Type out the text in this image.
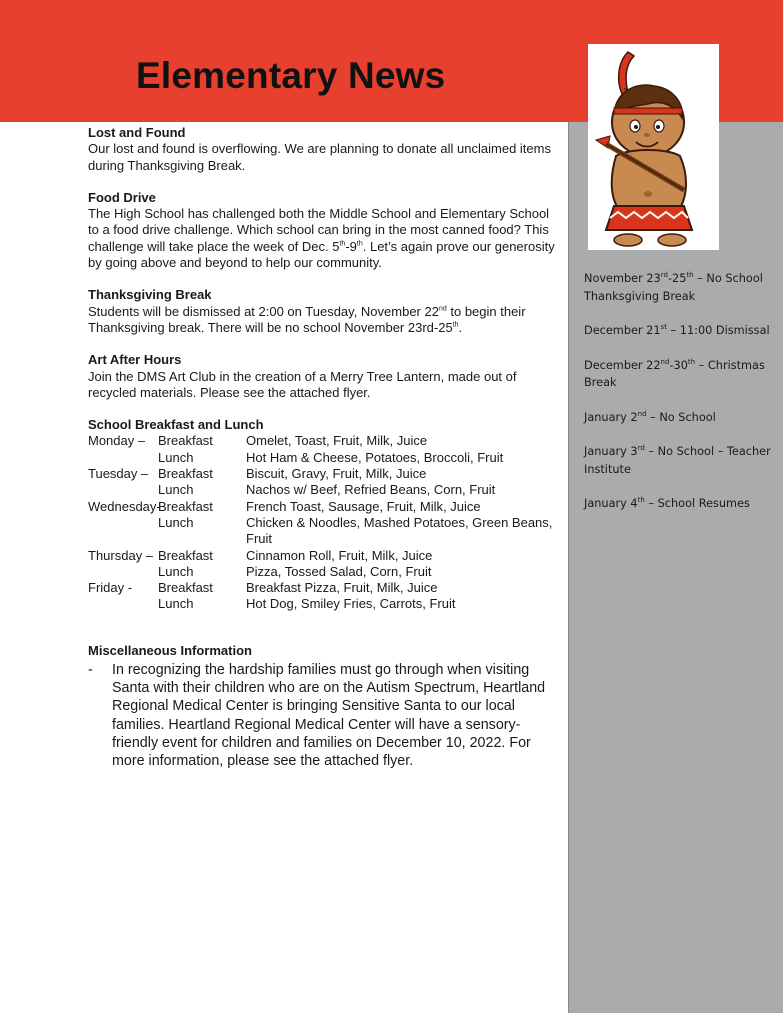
Elementary News
November 23rd-25th – No School Thanksgiving Break
December 21st – 11:00 Dismissal
December 22nd-30th – Christmas Break
January 2nd – No School
January 3rd – No School – Teacher Institute
January 4th – School Resumes
Lost and Found
Our lost and found is overflowing. We are planning to donate all unclaimed items during Thanksgiving Break.
Food Drive
The High School has challenged both the Middle School and Elementary School to a food drive challenge. Which school can bring in the most canned food? This challenge will take place the week of Dec. 5th-9th. Let’s again prove our generosity by going above and beyond to help our community.
Thanksgiving Break
Students will be dismissed at 2:00 on Tuesday, November 22nd to begin their Thanksgiving break. There will be no school November 23rd-25th.
Art After Hours
Join the DMS Art Club in the creation of a Merry Tree Lantern, made out of recycled materials. Please see the attached flyer.
School Breakfast and Lunch
Monday – Breakfast	Omelet, Toast, Fruit, Milk, Juice
Lunch	Hot Ham & Cheese, Potatoes, Broccoli, Fruit
Tuesday – Breakfast	Biscuit, Gravy, Fruit, Milk, Juice
Lunch	Nachos w/ Beef, Refried Beans, Corn, Fruit
Wednesday-
Breakfast	French Toast, Sausage, Fruit, Milk, Juice
Lunch	Chicken & Noodles, Mashed Potatoes, Green Beans, Fruit
Thursday – Breakfast	Cinnamon Roll, Fruit, Milk, Juice
Lunch	Pizza, Tossed Salad, Corn, Fruit
Friday -	Breakfast	Breakfast Pizza, Fruit, Milk, Juice
Lunch	Hot Dog, Smiley Fries, Carrots, Fruit
Miscellaneous Information
-	In recognizing the hardship families must go through when visiting Santa with their children who are on the Autism Spectrum, Heartland Regional Medical Center is bringing Sensitive Santa to our local families. Heartland Regional Medical Center will have a sensory-friendly event for children and families on December 10, 2022. For more information, please see the attached flyer.
